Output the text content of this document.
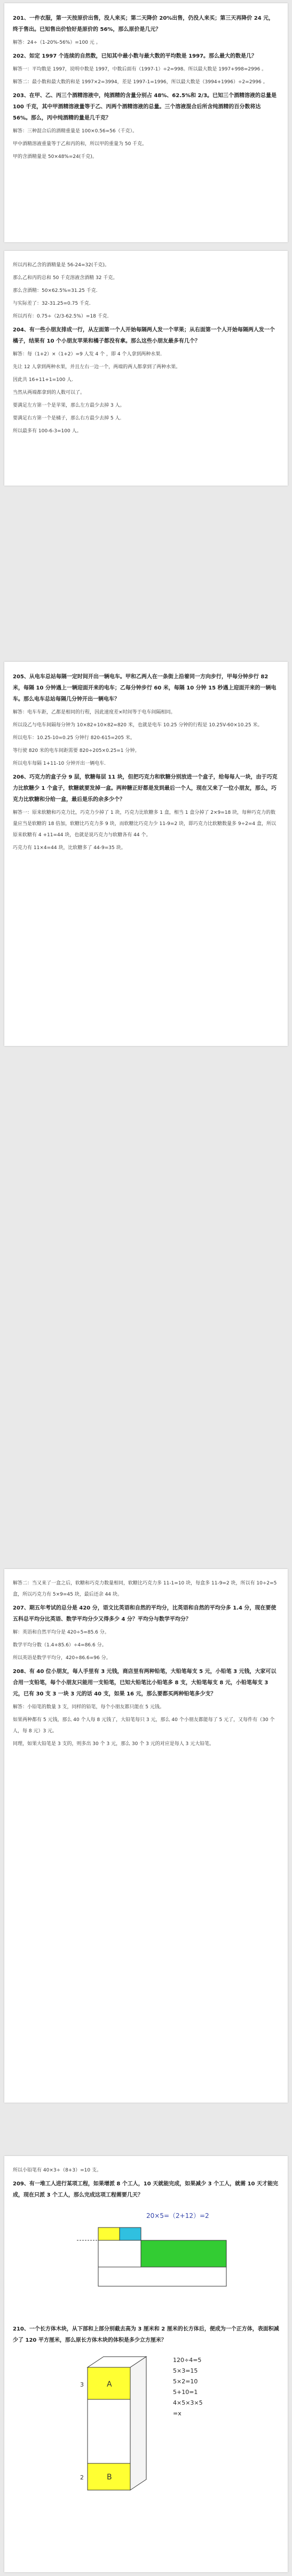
201、一件衣服，第一天按原价出售，没人来买；第二天降价 20%出售，仍没人来买；第三天再降价 24 元，终于售出。已知售出价恰好是原价的 56%，那么原价是几元？
解答：24÷（1-20%-56%）=100 元 。
202、如定 1997 个连续的自然数，已知其中最小数与最大数的平均数是 1997。那么最大的数是几？
解答一：平均数是 1997，说明中数是 1997，中数后面有（1997-1）÷2=998。所以最大数是 1997+998=2996 。
解答二：最小数和最大数的和是 1997×2=3994，差是 1997-1=1996，所以最大数是（3994+1996）÷2=2996 。
203、在甲、乙、丙三个酒精溶液中，纯酒精的含量分别占 48%、62.5%和 2/3。已知三个酒精溶液的总量是 100 千克，其中甲酒精溶液量等于乙、丙两个酒精溶液的总量。三个溶液混合后所含纯酒精的百分数将达 56%。那么，丙中纯酒精的量是几千克？
解答：三种混合后的酒精重量是 100×0.56=56（千克）。
甲中酒精溶液重量等于乙和丙的和，所以甲的重量为 50 千克。
甲的含酒精量是 50×48%=24(千克)。
所以丙和乙含的酒精量是 56-24=32(千克)。
那么乙和丙的总和 50 千克溶液含酒精 32 千克。
那么含酒精：50×62.5%=31.25 千克.
与实际差了：32-31.25=0.75 千克.
所以丙有：0.75÷（2/3-62.5%）=18 千克.
204、有一些小朋友排成一行，从左面第一个人开始每隔两人发一个苹果；从右面第一个人开始每隔两人发一个橘子，结果有 10 个小朋友苹果和橘子都没有拿。那么这些小朋友最多有几个？
解答：每（1+2）×（1+2）=9 人发 4 个 ，即 4 个人拿到两种水果.
先让 12 人拿到两种水果，并且左右一边一个，两端的两人都拿到了两种水果。
因此共 16+11+1=100 人.
当然从两端都拿到的人数可以了。
要满足左方第一个是苹果，那么左方最少去掉 3 人。
要满足右方第一个是橘子，那么右方最少去掉 5 人.
所以最多有 100-6-3=100 人。
205、从电车总站每隔一定时间开出一辆电车。甲和乙两人在一条街上沿着同一方向步行，甲每分钟步行 82 米，每隔 10 分钟遇上一辆迎面开来的电车；乙每分钟步行 60 米，每隔 10 分钟 15 秒遇上迎面开来的一辆电车。那么电车总站每隔几分钟开出一辆电车？
解答：电车车距，乙都是相同的行程，因此速度差×时间等于电车间隔相同。
所以设乙与电车间隔每分钟为 10×82+10×82=820 米，也就是电车 10.25 分钟的行程是 10.25V-60×10.25 米。
所以电车：10.25-10=0.25 分钟行 820-615=205 米。
等行驶 820 米的电车间距需要 820÷205×0.25=1 分钟。
所以电车每隔 1+11-10 分钟开出一辆电车.
206、巧克力的盒子分 9 层，软糖每层 11 块，但把巧克力和软糖分别放进一个盒子，给每每人一块，由于巧克力比软糖少 1 个盒子，软糖就要发掉一盒。两种糖正好都是发到最后一个人，现在又来了一位小朋友，那么，巧克力比软糖和分给一盒，最后是乐的余多少个？
解答一：原来软糖和巧克力比，巧克力少掉了 1 块，巧克力比软糖多 1 盒，相当 1 盒分掉了 2×9=18 块，每种巧克力的数量应当是软糖的 18 倍加，软糖比巧克力多 9 块，而软糖比巧克力少 11-9=2 块，即巧克力比软糖数量多 9÷2=4 盒，所以原来软糖有 4 +11=44 块，也就是说巧克力与软糖各有 44 个。
巧克力有 11×4=44 块，比软糖多了 44-9=35 块。
解答二：当又来了一盒之后，软糖和巧克力数量相同，软糖比巧克力多 11-1=10 块，每盒多 11-9=2 块，所以有 10÷2=5 盒，所以巧克力有 5×9=45 块，最后还余 44 块。
207、期五年考试的总分是 420 分，语文比英语和自然的平均分，比英语和自然的平均分多 1.4 分，现在要使五科总平均分比英语、数学平均分少又得多少 4 分？平均分与数学平均分？
解：英语和自然平均分是 420÷5=85.6 分。
数学平均分数（1.4+85.6）÷4=86.6 分。
所以英语是数学平均分，420÷86.6=96 分。
208、有 40 位小朋友，每人手里有 3 元钱，商店里有两种铅笔，大铅笔每支 5 元，小铅笔 3 元钱，大家可以合用一支铅笔，每个小朋友只能用一支铅笔，已知大铅笔比小铅笔多 8 支，大铅笔每支 8 元，小铅笔每支 3 元，已有 30 支 3 一块 3 元的话 40 支，如果 16 元，那么要都买两种铅笔多少支？
解答：小铅笔的数量 3 支，同样的铅笔，每个小朋友都只能在 5 元钱。
如果两种都有 5 元钱，那么 40 个人每 8 元钱了，大铅笔每只 3 元，那么 40 个小朋友都能每了 5 元了，又每件有（30 个人，每 8 元）3 元。
同理，如果大铅笔是 3 支的，则多出 30 个 3 元，那么 30 个 3 元的对应是每人 3 元大铅笔。
所以小铅笔有 40×3÷（8+3）=10 支。
209、有一堆工人进行某项工程，如果增派 8 个工人，10 天就能完成，如果减少 3 个工人，就需 10 天才能完成，现在只派 3 个工人，那么完成这项工程需要几天？
20×5=（2+12）=2
210、一个长方体木块，从下部和上部分别截去高为 3 厘米和 2 厘米的长方体后，便成为一个正方体，表面积减少了 120 平方厘米，那么原长方体木块的体积是多少立方厘米？
A
B
3
2
120÷4=5
5×3=15
5×2=10
5+10=1
4×5×3×5
=x
